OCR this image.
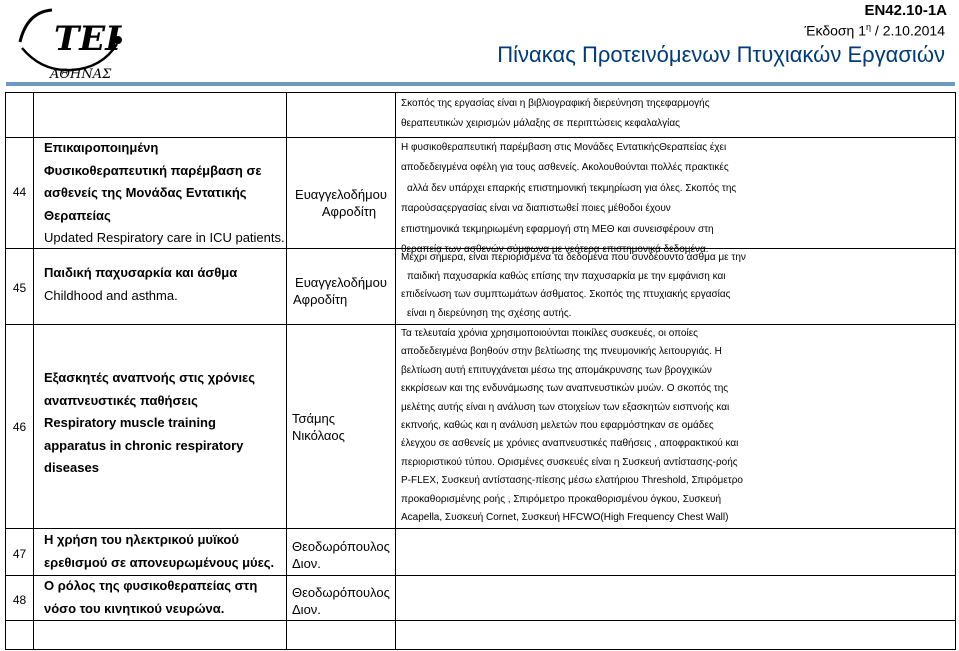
ΤΕΙ
ΑΘΗΝΑΣ
EN42.10-1A
Έκδοση $1^\eta / 2.10.2014$
Πίνακας Προτεινόμενων Πτυχιακών Εργασιών
Σκοπός της εργασίας είναι η βιβλιογραφική διερεύνηση τηςεφαρμογής
θεραπευτικών χειρισμών μάλαξης σε περιπτώσεις κεφαλαλγίας
44
Επικαιροποιημένη
Φυσικοθεραπευτική παρέμβαση σε
ασθενείς της Μονάδας Εντατικής
Θεραπείας
Updated Respiratory care in ICU patients.
Ευαγγελοδήμου
Αφροδίτη
Η φυσικοθεραπευτική παρέμβαση στις Μονάδες ΕντατικήςΘεραπείας έχει
αποδεδειγμένα οφέλη για τους ασθενείς. Ακολουθούνται πολλές πρακτικές
αλλά δεν υπάρχει επαρκής επιστημονική τεκμηρίωση για όλες. Σκοπός της
παρούσαςεργασίας είναι να διαπιστωθεί ποιες μέθοδοι έχουν
επιστημονικά τεκμηριωμένη εφαρμογή στη ΜΕΘ και συνεισφέρουν στη
θεραπεία των ασθενών σύμφωνα με νεότερα επιστημονικά δεδομένα.
45
Παιδική παχυσαρκία και άσθμα
Childhood and asthma.
Ευαγγελοδήμου
Αφροδίτη
Μέχρι σήμερα, είναι περιορισμένα τα δεδομένα που συνδέουντο άσθμα με την
παιδική παχυσαρκία καθώς επίσης την παχυσαρκία με την εμφάνιση και
επιδείνωση των συμπτωμάτων άσθματος. Σκοπός της πτυχιακής εργασίας
είναι η διερεύνηση της σχέσης αυτής.
46
Εξασκητές αναπνοής στις χρόνιες
αναπνευστικές παθήσεις
Respiratory muscle training
apparatus in chronic respiratory
diseases
Τσάμης
Νικόλαος
Τα τελευταία χρόνια χρησιμοποιούνται ποικίλες συσκευές, οι οποίες
αποδεδειγμένα βοηθούν στην βελτίωσης της πνευμονικής λειτουργιάς. Η
βελτίωση αυτή επιτυγχάνεται μέσω της απομάκρυνσης των βρογχικών
εκκρίσεων και της ενδυνάμωσης των αναπνευστικών μυών. Ο σκοπός της
μελέτης αυτής είναι η ανάλυση των στοιχείων των εξασκητών εισπνοής και
εκπνοής, καθώς και η ανάλυση μελετών που εφαρμόστηκαν σε ομάδες
έλεγχου σε ασθενείς με χρόνιες αναπνευστικές παθήσεις , αποφρακτικού και
περιοριστικού τύπου. Ορισμένες συσκευές είναι η Συσκευή αντίστασης-ροής
P-FLEX, Συσκευή αντίστασης-πίεσης μέσω ελατήριου Threshold, Σπιρόμετρο
προκαθορισμένης ροής , Σπιρόμετρο προκαθορισμένου όγκου, Συσκευή
Acapella, Συσκευή Cornet, Συσκευή HFCWO(High Frequency Chest Wall)
47
Η χρήση του ηλεκτρικού μυϊκού
ερεθισμού σε απονευρωμένους μύες.
Θεοδωρόπουλος
Διον.
48
Ο ρόλος της φυσικοθεραπείας στη
νόσο του κινητικού νευρώνα.
Θεοδωρόπουλος
Διον.
